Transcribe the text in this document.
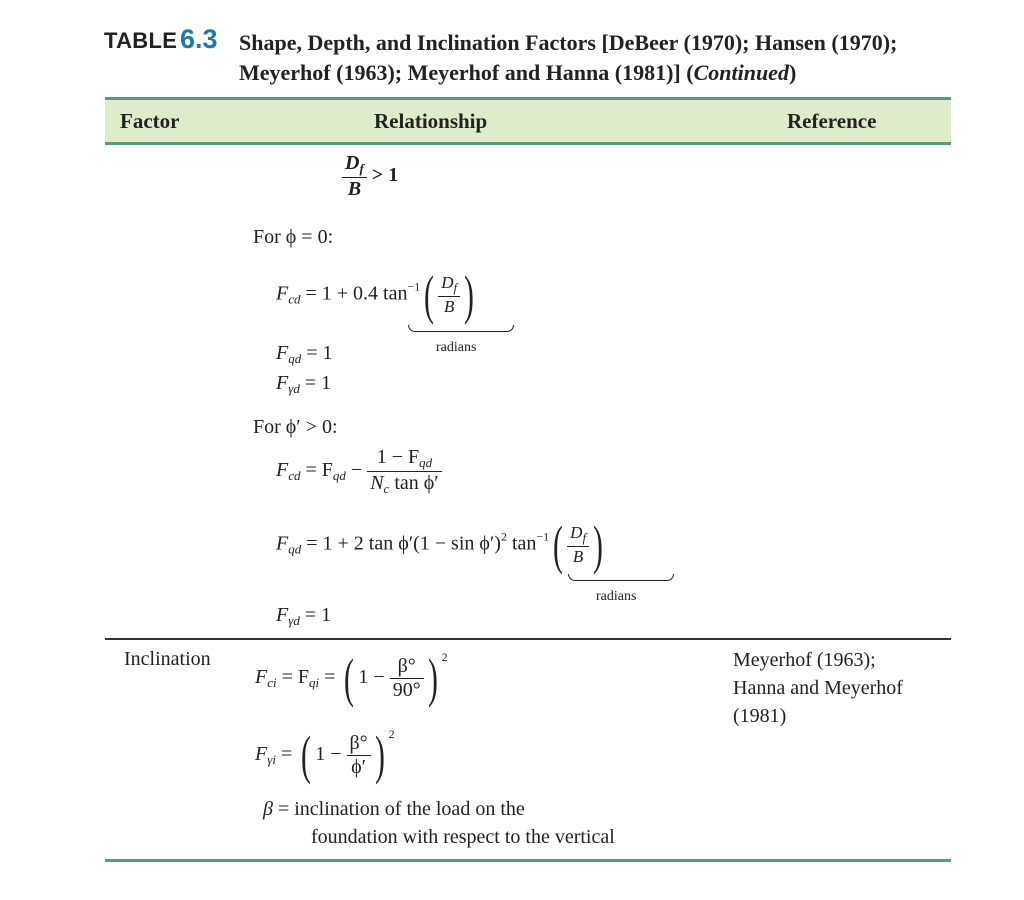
TABLE 6.3 Shape, Depth, and Inclination Factors [DeBeer (1970); Hansen (1970);
Meyerhof (1963); Meyerhof and Hanna (1981)] (Continued)
Factor	Relationship	Reference
$\frac{D_f}{B} > 1$
For ϕ = 0:
$F_{cd} = 1 + 0.4$ $\tan^{-1}( \frac{D_f}{B}$ )
radians
$F_{qd} = 1$
$F_{\gamma d} = 1$
For ϕ′ > 0:
$F_{cd} = F_{qd} - \frac{1 - F_{qd}}{N_c \tan \phi'}$
$F_{qd} = 1 + 2$ $\tan \phi'(1 - \sin \phi')^2$ $\tan^{-1}( \frac{D_f}{B}$ )
radians
$F_{\gamma d} = 1$
Inclination
$F_{ci} = F_{qi}$ = ( $1 - \frac{\beta^\circ}{90^\circ}$ ) $^2$
$F_{\gamma i}$ = ( $1 - \frac{\beta^\circ}{\phi'}$ ) $^2$
β = inclination of the load on the
foundation with respect to the vertical
Meyerhof (1963);
Hanna and Meyerhof
(1981)
